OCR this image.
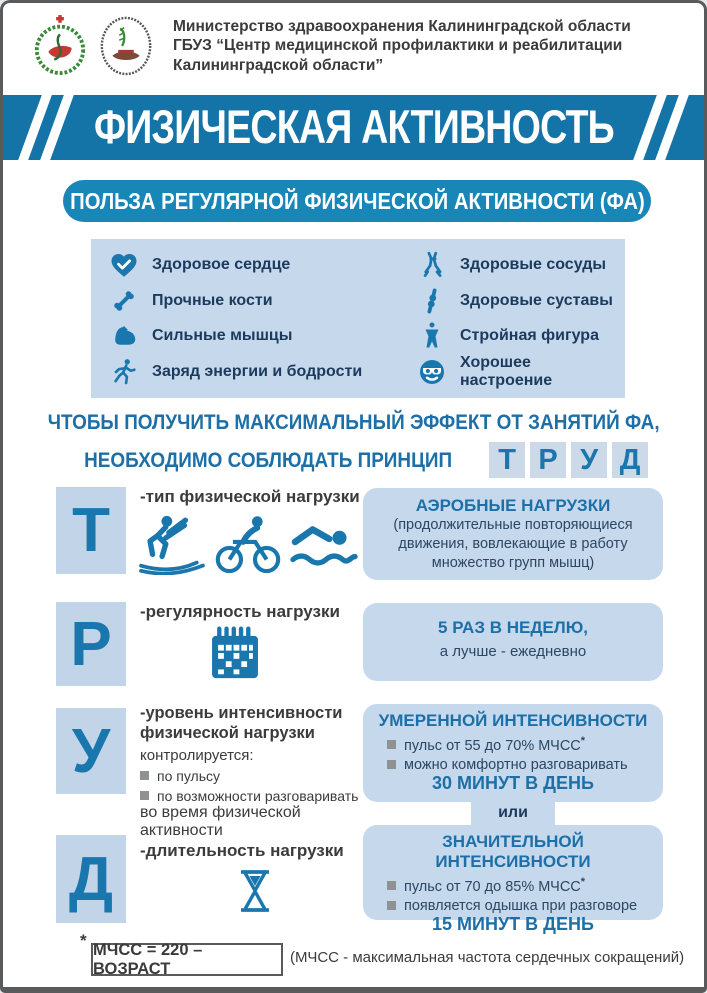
Министерство здравоохранения Калининградской области
ГБУЗ “Центр медицинской профилактики и реабилитации
Калининградской области”
ФИЗИЧЕСКАЯ АКТИВНОСТЬ
ПОЛЬЗА РЕГУЛЯРНОЙ ФИЗИЧЕСКОЙ АКТИВНОСТИ (ФА)
Здоровое сердце
Прочные кости
Сильные мышцы
Заряд энергии и бодрости
Здоровые сосуды
Здоровые суставы
Стройная фигура
Хорошее настроение
ЧТОБЫ ПОЛУЧИТЬ МАКСИМАЛЬНЫЙ ЭФФЕКТ ОТ ЗАНЯТИЙ ФА,
НЕОБХОДИМО СОБЛЮДАТЬ ПРИНЦИП	Т Р У Д
Т	-тип физической нагрузки	АЭРОБНЫЕ НАГРУЗКИ
(продолжительные повторяющиеся
движения, вовлекающие в работу
множество групп мышц)
Р	-регулярность нагрузки
5 РАЗ В НЕДЕЛЮ,
а лучше - ежедневно
У
-уровень интенсивности
физической нагрузки
контролируется:
по пульсу
по возможности разговаривать
во время физической активности
УМЕРЕННОЙ ИНТЕНСИВНОСТИ
пульс от 55 до 70% МЧСС*
можно комфортно разговаривать
30 МИНУТ В ДЕНЬ
или
Д	-длительность нагрузки	ЗНАЧИТЕЛЬНОЙ ИНТЕНСИВНОСТИ
пульс от 70 до 85% МЧСС*
появляется одышка при разговоре
15 МИНУТ В ДЕНЬ
* МЧСС = 220 – ВОЗРАСТ
(МЧСС - максимальная частота сердечных сокращений)
